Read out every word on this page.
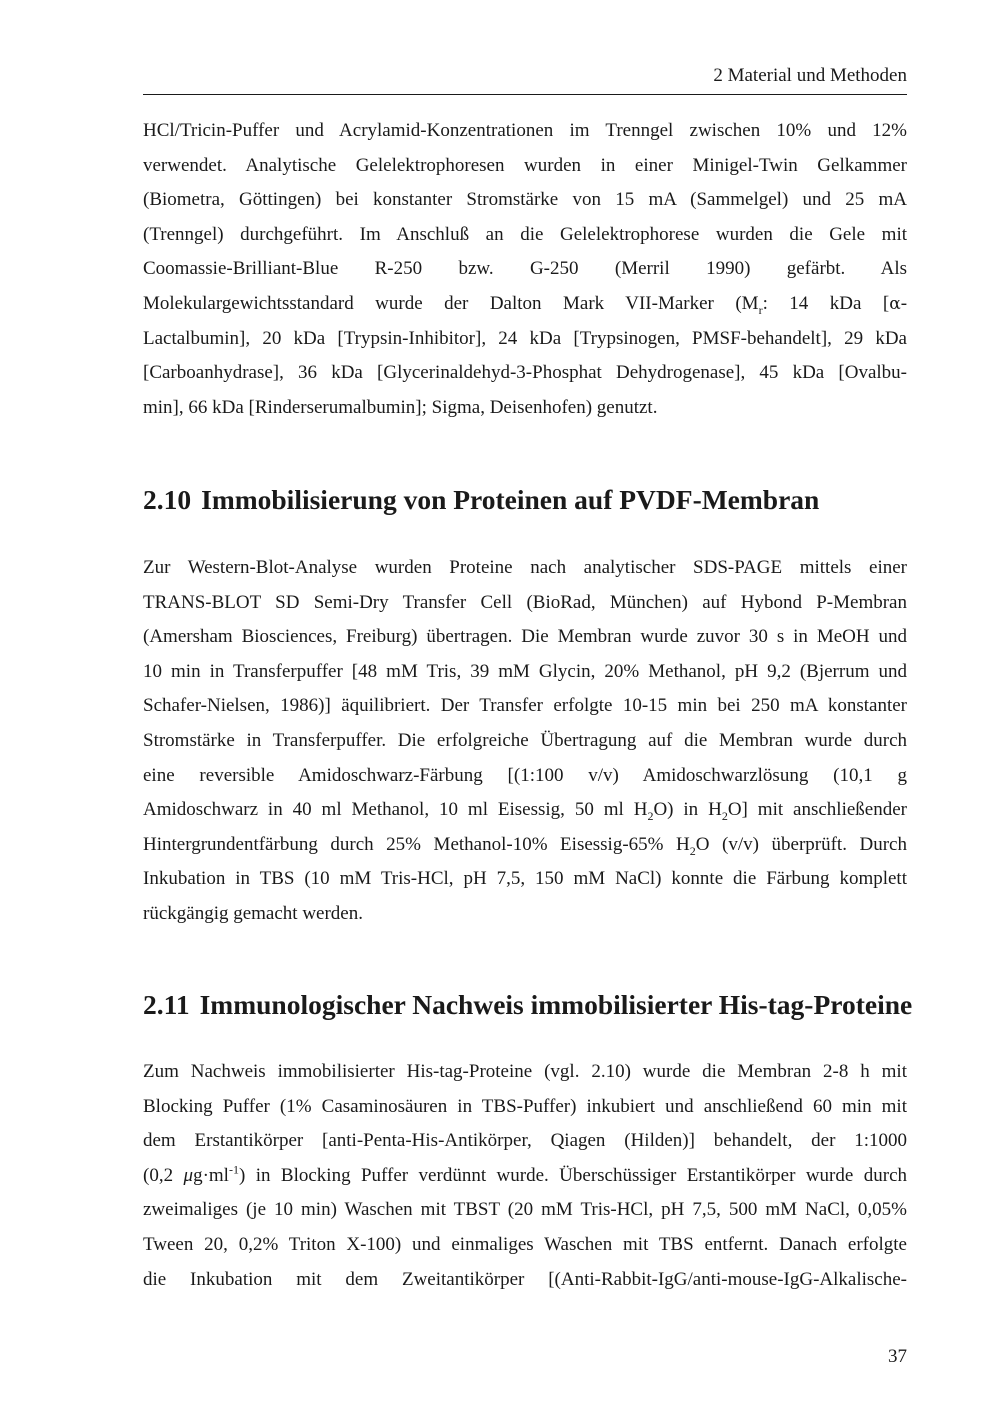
2 Material und Methoden
HCl/Tricin-Puffer und Acrylamid-Konzentrationen im Trenngel zwischen 10% und 12%
verwendet. Analytische Gelelektrophoresen wurden in einer Minigel-Twin Gelkammer
(Biometra, Göttingen) bei konstanter Stromstärke von 15 mA (Sammelgel) und 25 mA
(Trenngel) durchgeführt. Im Anschluß an die Gelelektrophorese wurden die Gele mit
Coomassie-Brilliant-Blue R-250 bzw. G-250 (Merril 1990) gefärbt. Als
Molekulargewichtsstandard wurde der Dalton Mark VII-Marker ($M_r$: 14 kDa [α-
Lactalbumin], 20 kDa [Trypsin-Inhibitor], 24 kDa [Trypsinogen, PMSF-behandelt], 29 kDa
[Carboanhydrase], 36 kDa [Glycerinaldehyd-3-Phosphat Dehydrogenase], 45 kDa [Ovalbu-
min], 66 kDa [Rinderserumalbumin]; Sigma, Deisenhofen) genutzt.
2.10 Immobilisierung von Proteinen auf PVDF-Membran
Zur Western-Blot-Analyse wurden Proteine nach analytischer SDS-PAGE mittels einer
TRANS-BLOT SD Semi-Dry Transfer Cell (BioRad, München) auf Hybond P-Membran
(Amersham Biosciences, Freiburg) übertragen. Die Membran wurde zuvor 30 s in MeOH und
10 min in Transferpuffer [48 mM Tris, 39 mM Glycin, 20% Methanol, pH 9,2 (Bjerrum und
Schafer-Nielsen, 1986)] äquilibriert. Der Transfer erfolgte 10-15 min bei 250 mA konstanter
Stromstärke in Transferpuffer. Die erfolgreiche Übertragung auf die Membran wurde durch
eine reversible Amidoschwarz-Färbung [(1:100 v/v) Amidoschwarzlösung (10,1 g
Amidoschwarz in 40 ml Methanol, 10 ml Eisessig, 50 ml $H_2O$) in $H_2O$] mit anschließender
Hintergrundentfärbung durch 25% Methanol-10% Eisessig-65% $H_2O$ (v/v) überprüft. Durch
Inkubation in TBS (10 mM Tris-HCl, pH 7,5, 150 mM NaCl) konnte die Färbung komplett
rückgängig gemacht werden.
2.11 Immunologischer Nachweis immobilisierter His-tag-Proteine
Zum Nachweis immobilisierter His-tag-Proteine (vgl. 2.10) wurde die Membran 2-8 h mit
Blocking Puffer (1% Casaminosäuren in TBS-Puffer) inkubiert und anschließend 60 min mit
dem Erstantikörper [anti-Penta-His-Antikörper, Qiagen (Hilden)] behandelt, der 1:1000
(0,2 $\mu g\cdot ml^{-1}$) in Blocking Puffer verdünnt wurde. Überschüssiger Erstantikörper wurde durch
zweimaliges (je 10 min) Waschen mit TBST (20 mM Tris-HCl, pH 7,5, 500 mM NaCl, 0,05%
Tween 20, 0,2% Triton X-100) und einmaliges Waschen mit TBS entfernt. Danach erfolgte
die Inkubation mit dem Zweitantikörper [(Anti-Rabbit-IgG/anti-mouse-IgG-Alkalische-
37
